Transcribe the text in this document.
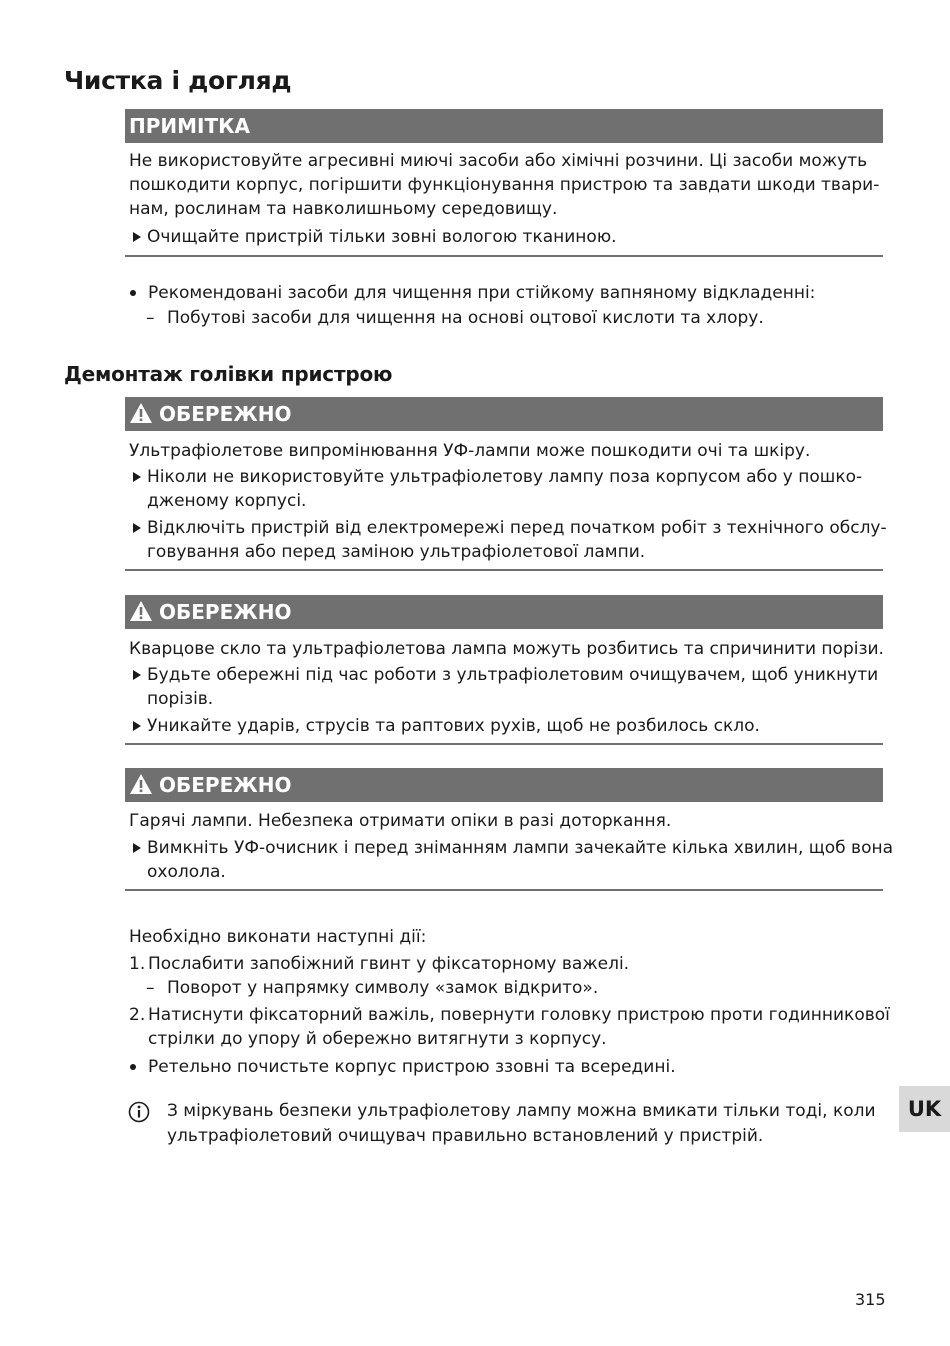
Чистка і догляд
ПРИМІТКА
Не використовуйте агресивні миючі засоби або хімічні розчини. Ці засоби можуть
пошкодити корпус, погіршити функціонування пристрою та завдати шкоди твари-
нам, рослинам та навколишньому середовищу.
Очищайте пристрій тільки зовні вологою тканиною.
Рекомендовані засоби для чищення при стійкому вапняному відкладенні:
– Побутові засоби для чищення на основі оцтової кислоти та хлору.
Демонтаж голівки пристрою
ОБЕРЕЖНО
Ультрафіолетове випромінювання УФ-лампи може пошкодити очі та шкіру.
Ніколи не використовуйте ультрафіолетову лампу поза корпусом або у пошко-
дженому корпусі.
Відключіть пристрій від електромережі перед початком робіт з технічного обслу-
говування або перед заміною ультрафіолетової лампи.
ОБЕРЕЖНО
Кварцове скло та ультрафіолетова лампа можуть розбитись та спричинити порізи.
Будьте обережні під час роботи з ультрафіолетовим очищувачем, щоб уникнути
порізів.
Уникайте ударів, струсів та раптових рухів, щоб не розбилось скло.
ОБЕРЕЖНО
Гарячі лампи. Небезпека отримати опіки в разі доторкання.
Вимкніть УФ-очисник і перед зніманням лампи зачекайте кілька хвилин, щоб вона
охолола.
Необхідно виконати наступні дії:
1. Послабити запобіжний гвинт у фіксаторному важелі.
– Поворот у напрямку символу «замок відкрито».
2. Натиснути фіксаторний важіль, повернути головку пристрою проти годинникової
стрілки до упору й обережно витягнути з корпусу.
Ретельно почистьте корпус пристрою ззовні та всередині.
З міркувань безпеки ультрафіолетову лампу можна вмикати тільки тоді, коли
ультрафіолетовий очищувач правильно встановлений у пристрій.
UK
315
